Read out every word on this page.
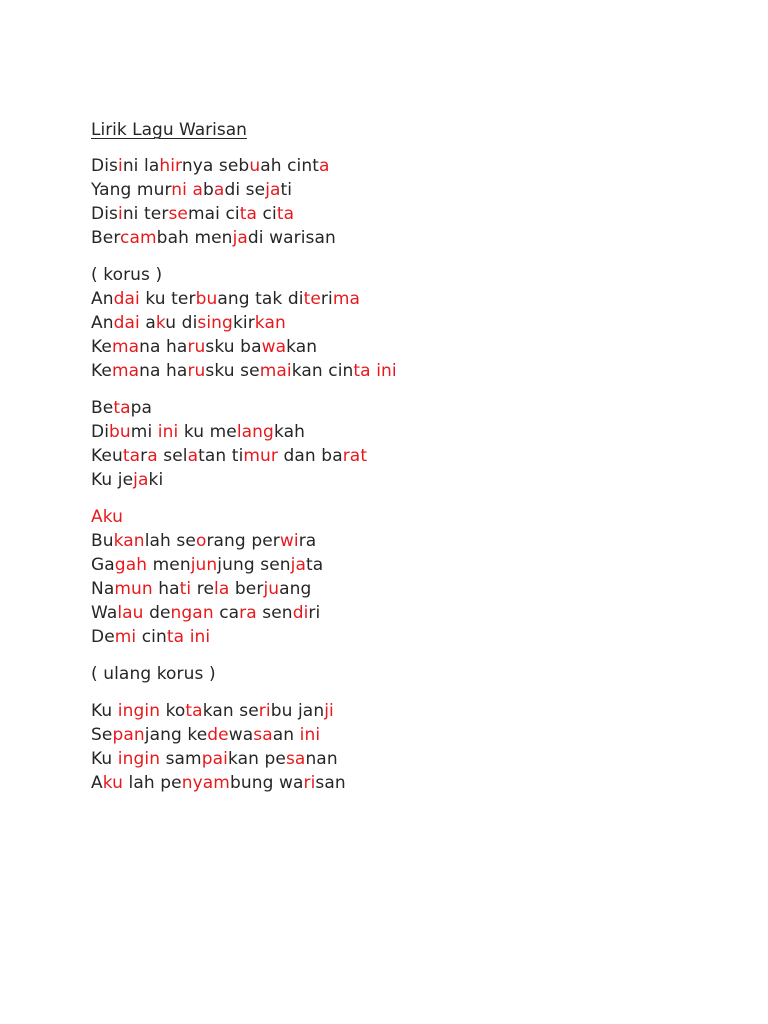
Lirik Lagu Warisan
Disini lahirnya sebuah cinta
Yang murni abadi sejati
Disini tersemai cita cita
Bercambah menjadi warisan
( korus )
Andai ku terbuang tak diterima
Andai aku disingkirkan
Kemana harusku bawakan
Kemana harusku semaikan cinta ini
Betapa
Dibumi ini ku melangkah
Keutara selatan timur dan barat
Ku jejaki
Aku
Bukanlah seorang perwira
Gagah menjunjung senjata
Namun hati rela berjuang
Walau dengan cara sendiri
Demi cinta ini
( ulang korus )
Ku ingin kotakan seribu janji
Sepanjang kedewasaan ini
Ku ingin sampaikan pesanan
Aku lah penyambung warisan
